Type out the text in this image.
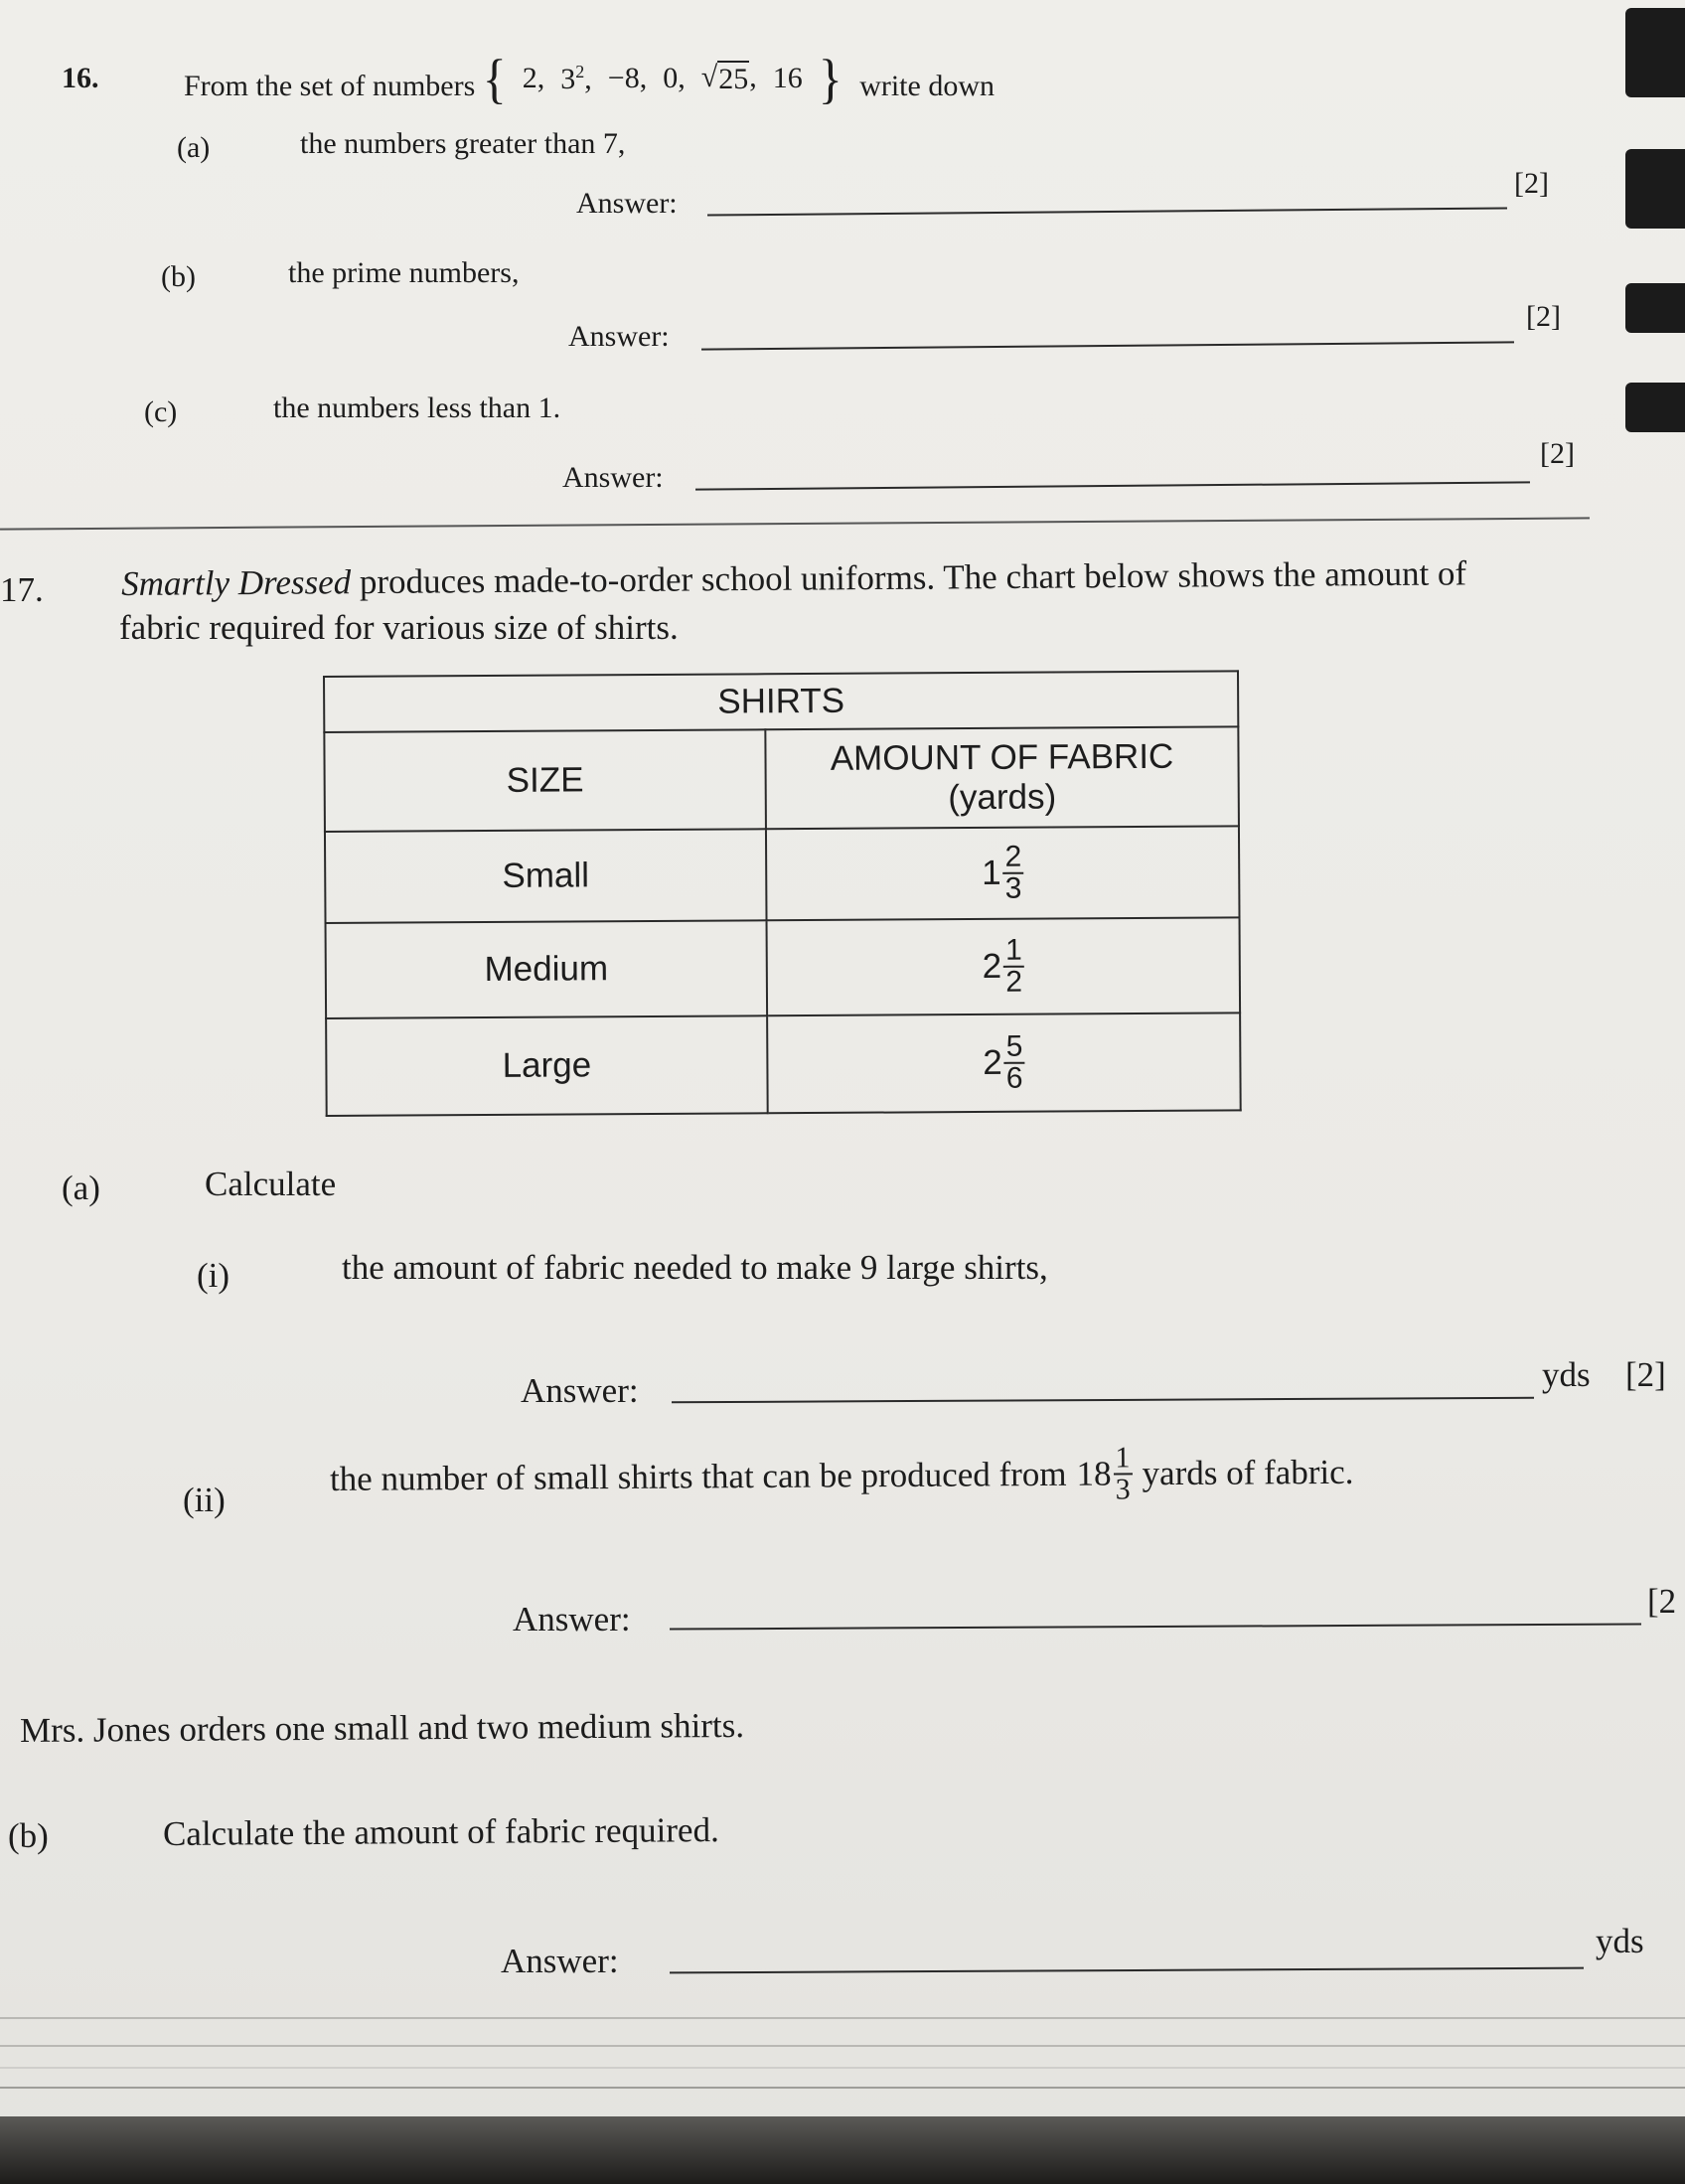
16.	From the set of numbers { 2, $3^2$, −8, 0, √ 25 , 16 } write down
(a)	the numbers greater than 7,
Answer:
[2]
(b)	the prime numbers,
Answer:
[2]
(c)	the numbers less than 1.
Answer:
[2]
17. Smartly Dressed produces made-to-order school uniforms. The chart below shows the amount of
fabric required for various size of shirts.
SHIRTS	
SIZE	AMOUNT OF FABRIC
(yards)
Small	$1 \frac{2}{3}$

Medium	$2 \frac{1}{2}$

Large	$2 \frac{5}{6}$
(a)	Calculate
(i)	the amount of fabric needed to make 9 large shirts,
Answer:	yds [2]
(ii)
the number of small shirts that can be produced from $18 \frac{1}{3}$ yards of fabric.
Answer:	[2
Mrs. Jones orders one small and two medium shirts.
(b)	Calculate the amount of fabric required.
Answer:
yds
